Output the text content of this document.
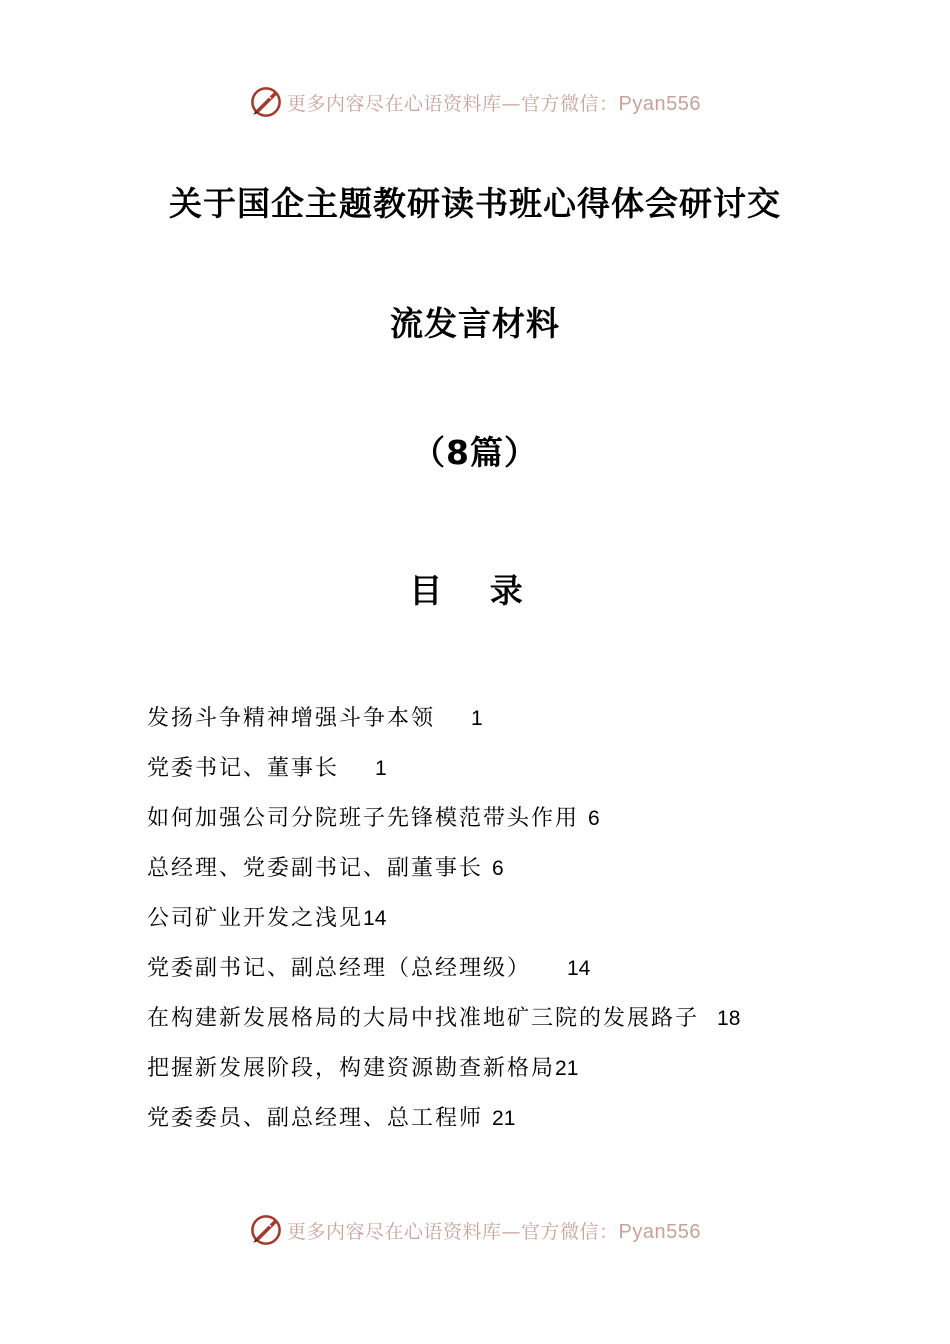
更多内容尽在心语资料库—官方微信：Pyan556
关于国企主题教研读书班心得体会研讨交
流发言材料
（8篇）
目 录
发扬斗争精神增强斗争本领 1
党委书记、董事长 1
如何加强公司分院班子先锋模范带头作用 6
总经理、党委副书记、副董事长 6
公司矿业开发之浅见14
党委副书记、副总经理（总经理级） 14
在构建新发展格局的大局中找准地矿三院的发展路子 18
把握新发展阶段，构建资源勘查新格局21
党委委员、副总经理、总工程师 21
更多内容尽在心语资料库—官方微信：Pyan556
